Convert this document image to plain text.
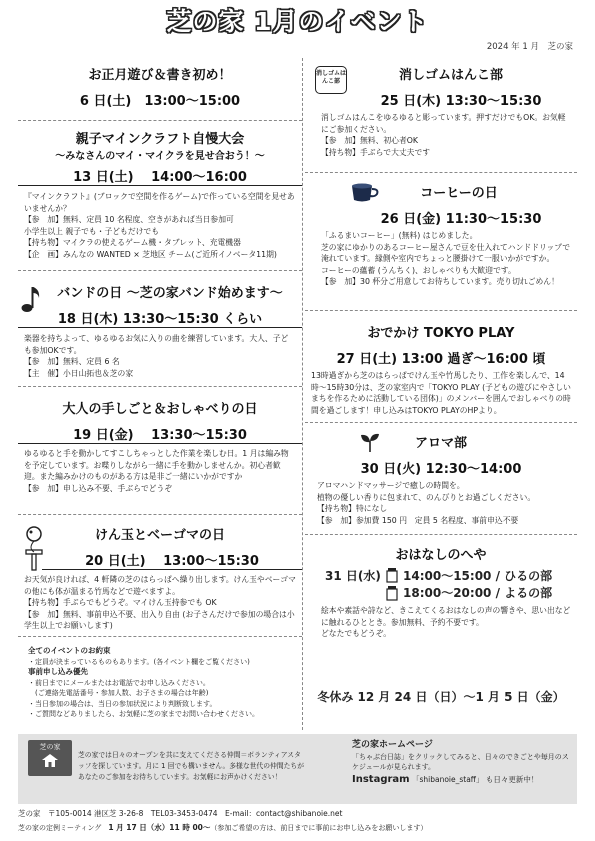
芝の家 1月のイベント
2024 年 1 月　芝の家
お正月遊び＆書き初め！
6 日(土)　13:00〜15:00
親子マインクラフト自慢大会
〜みなさんのマイ・マイクラを見せ合おう！〜
13 日(土)　 14:00〜16:00

『マインクラフト』(ブロックで空間を作るゲーム)で作っている空間を見せあいませんか？

【参　加】無料、定員 10 名程度、空きがあれば当日参加可

小学生以上 親子でも・子どもだけでも

【持ち物】マイクラの使えるゲーム機・タブレット、充電機器

【企　画】みんなの WANTED × 芝地区 チーム(ご近所イノベータ11期)

バンドの日 〜芝の家バンド始めます〜
18 日(木) 13:30〜15:30 くらい

楽器を持ちよって、ゆるゆるお気に入りの曲を練習しています。大人、子ども参加OKです。

【参　加】無料、定員 6 名

【主　催】小日山拓也＆芝の家

大人の手しごと＆おしゃべりの日
19 日(金)　 13:30〜15:30

ゆるゆると手を動かしてすこしちゃっとした作業を楽しむ日。1 月は編み物を予定しています。お喋りしながら一緒に手を動かしませんか。初心者歓迎。また編みかけのものがある方は是非ご一緒にいかがですか

【参　加】申し込み不要、手ぶらでどうぞ

けん玉とベーゴマの日
20 日(土)　 13:00〜15:30

お天気が良ければ、4 軒隣の芝のはらっぱへ繰り出します。けん玉やベーゴマの他にも体が温まる竹馬などで遊べますよ。

【持ち物】手ぶらでもどうぞ。マイけん玉持参でも OK

【参　加】無料、事前申込不要、出入り自由 (お子さんだけで参加の場合は小学生以上でお願いします)

全てのイベントのお約束

・定員が決まっているものもあります。(各イベント欄をご覧ください)

事前申し込み優先

・前日までにメールまたはお電話でお申し込みください。

　(ご連絡先電話番号・参加人数、お子さまの場合は年齢)

・当日参加の場合は、当日の参加状況により判断致します。

・ご質問などありましたら、お気軽に芝の家までお問い合わせください。

消しゴムはんこ部	消しゴムはんこ部
25 日(木) 13:30〜15:30

消しゴムはんこをゆるゆると彫っています。押すだけでもOK。お気軽にご参加ください。

【参　加】無料、初心者OK

【持ち物】手ぶらで大丈夫です

コーヒーの日
26 日(金) 11:30〜15:30

「ふるまいコーヒー」(無料) はじめました。

芝の家にゆかりのあるコーヒー屋さんで豆を仕入れてハンドドリップで淹れています。縁側や室内でちょっと腰掛けて一服いかがですか。

コーヒーの蘊蓄 (うんちく)、おしゃべりも大歓迎です。

【参　加】30 杯分ご用意してお待ちしています。売り切れごめん！

おでかけ TOKYO PLAY
27 日(土) 13:00 過ぎ〜16:00 頃

13時過ぎから芝のはらっぱでけん玉や竹馬したり、工作を楽しんで、14時〜15時30分は、芝の家室内で「TOKYO PLAY (子どもの遊びにやさしいまちを作るために活動している団体)」のメンバーを囲んでおしゃべりの時間を過ごします！申し込みはTOKYO PLAYのHPより。

アロマ部
30 日(火) 12:30〜14:00

アロマハンドマッサージで癒しの時間を。

植物の優しい香りに包まれて、のんびりとお過ごしください。

【持ち物】特になし

【参　加】参加費 150 円　定員 5 名程度、事前申込不要

おはなしのへや
31 日(水) 14:00〜15:00 / ひるの部
18:00〜20:00 / よるの部

絵本や素話や詩など、きこえてくるおはなしの声の響きや、思い出などに触れるひととき。参加無料、予約不要です。

どなたでもどうぞ。

冬休み 12 月 24 日（日）〜1 月 5 日（金）
芝の家
芝の家では日々のオープンを共に支えてくださる仲間＝ボランティアスタッフを探しています。月に 1 回でも構いません。多様な世代の仲間たちがあなたのご参加をお待ちしています。お気軽にお声かけください！
芝の家ホームページ
「ちゃぶ台日誌」をクリックしてみると、日々のできごとや毎月のスケジュールが見られます。
Instagram 「shibanoie_staff」 も日々更新中！
芝の家　〒105-0014 港区芝 3-26-8　TEL03-3453-0474　E-mail：contact@shibanoie.net
芝の家の定例ミーティング　1 月 17 日（水）11 時 00〜（参加ご希望の方は、前日までに事前にお申し込みをお願いします）
